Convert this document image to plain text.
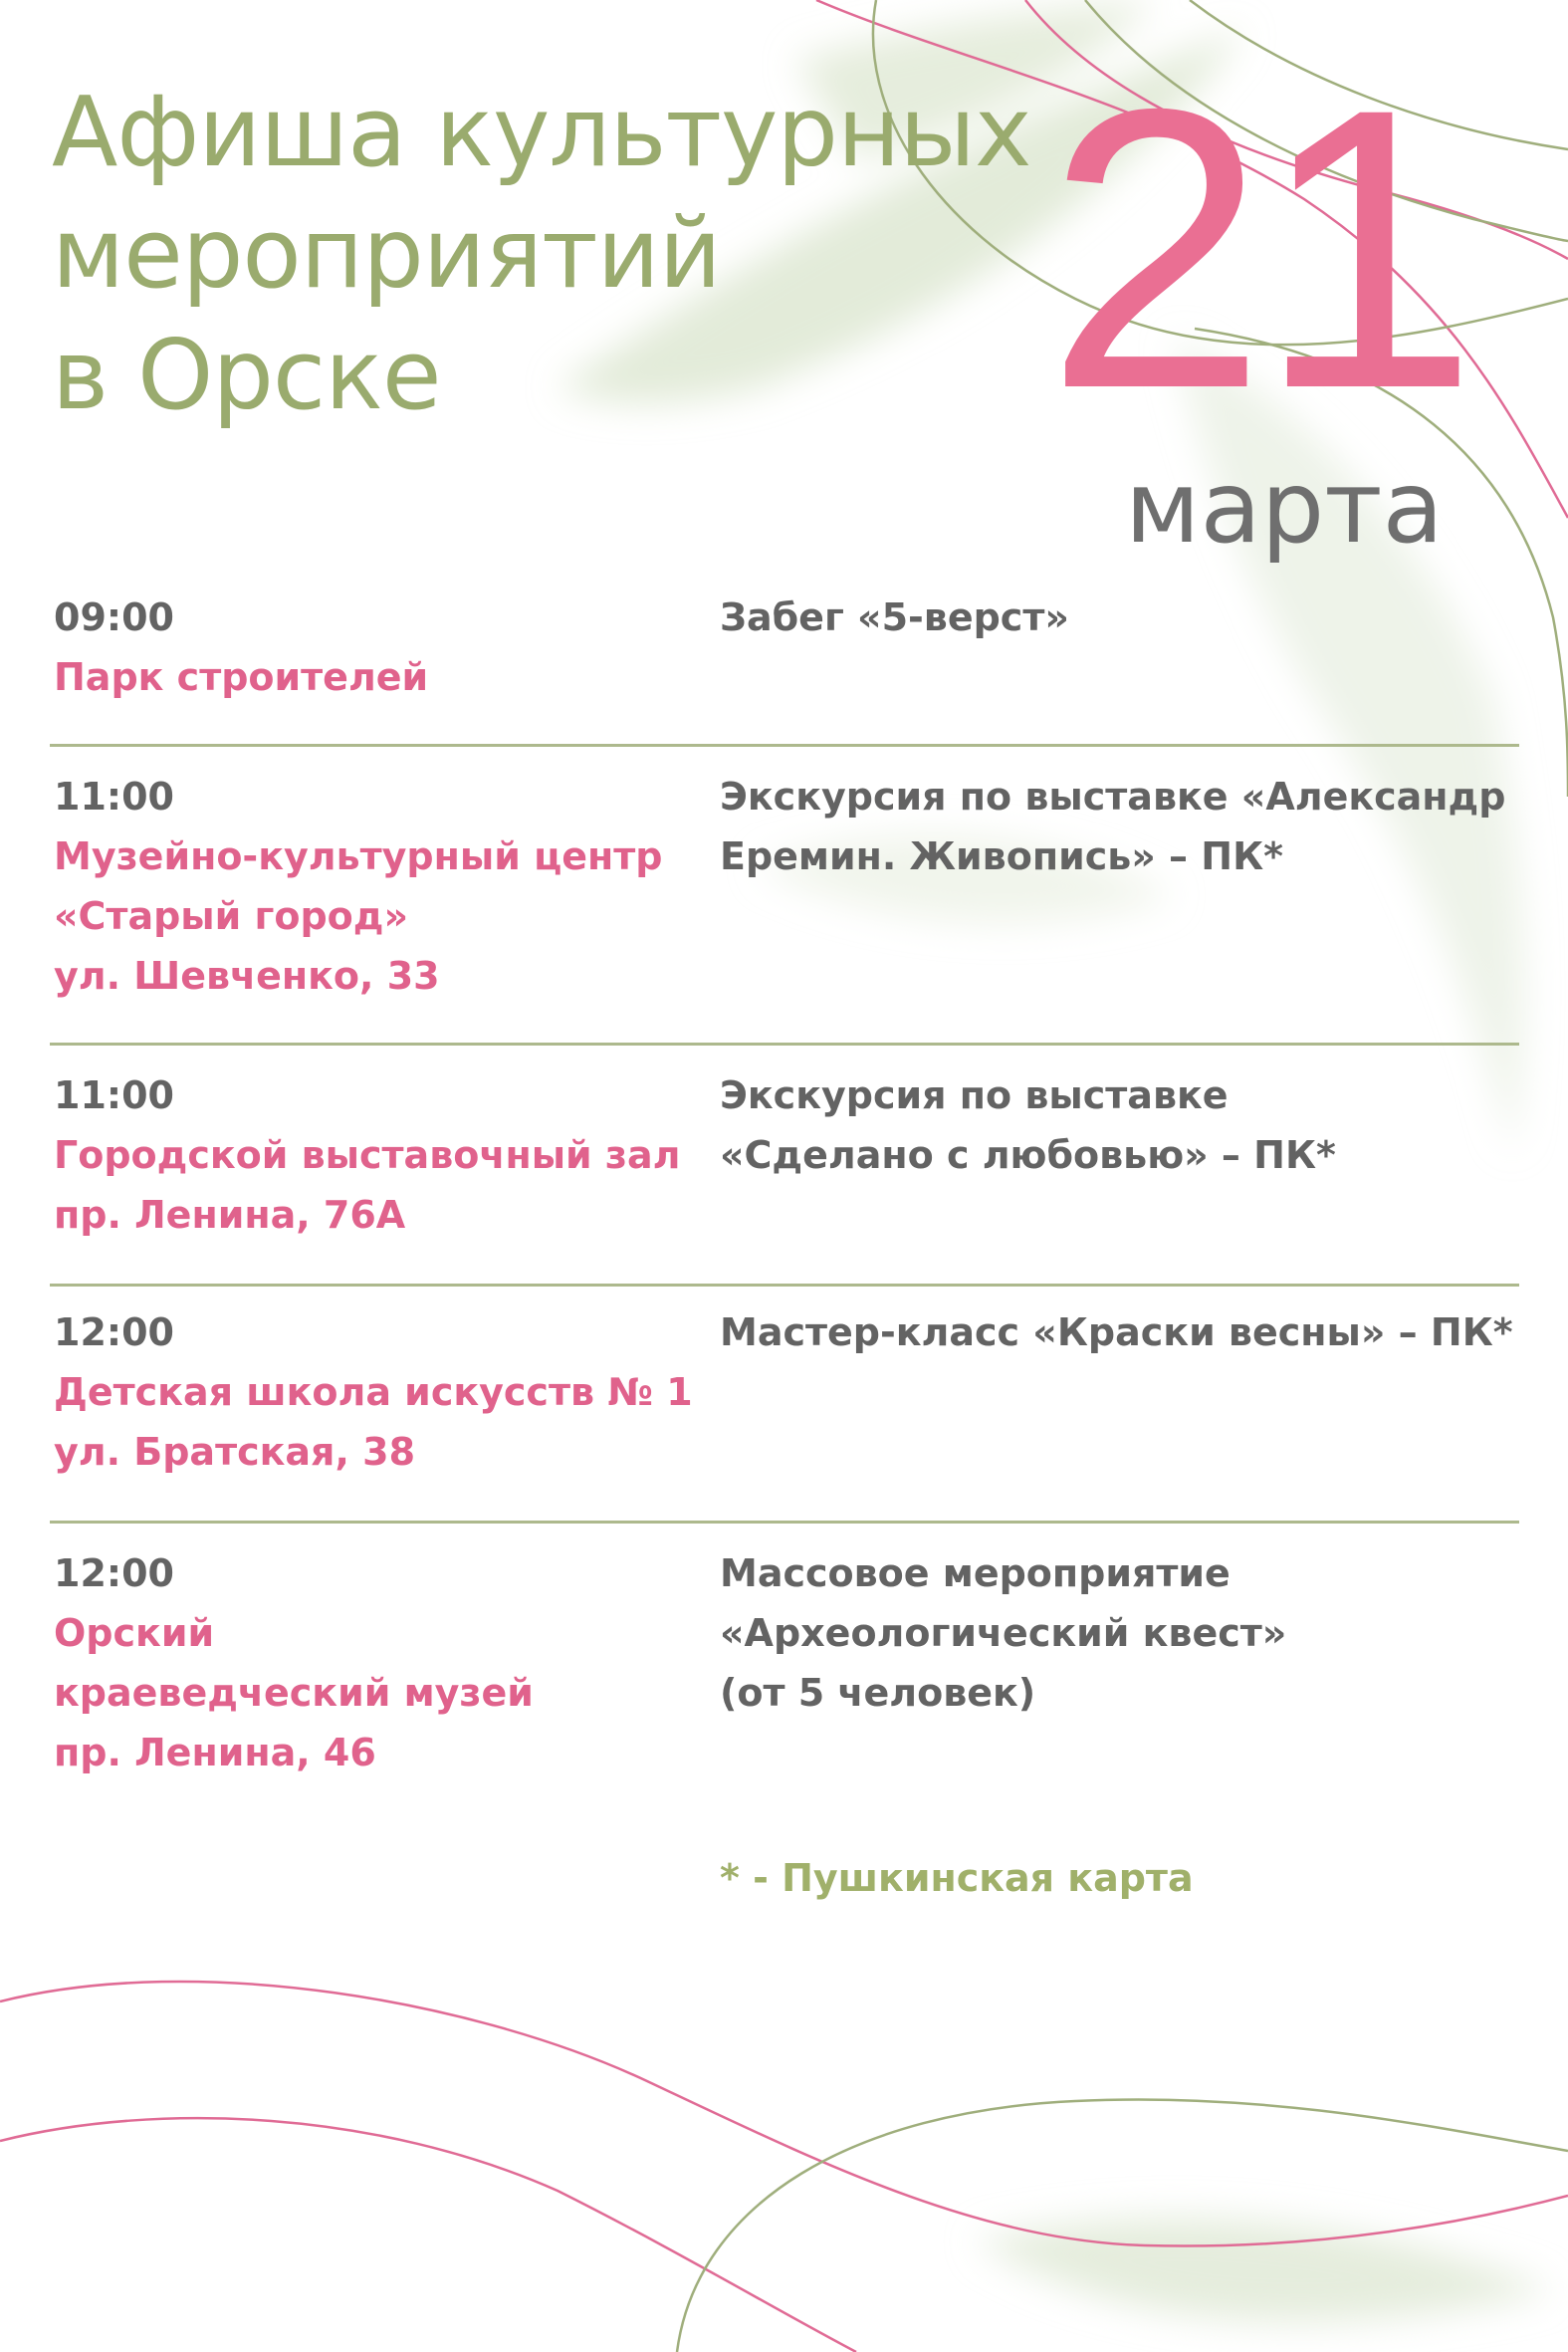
Афиша культурных
мероприятий
в Орске	21
марта
09:00
Парк строителей
Забег «5-верст»
11:00
Музейно-культурный центр
«Старый город»
ул. Шевченко, 33
Экскурсия по выставке «Александр
Еремин. Живопись» – ПК*
11:00
Городской выставочный зал
пр. Ленина, 76А
Экскурсия по выставке
«Сделано с любовью» – ПК*
12:00
Детская школа искусств № 1
ул. Братская, 38
Мастер-класс «Краски весны» – ПК*
12:00
Орский
краеведческий музей
пр. Ленина, 46
Массовое мероприятие
«Археологический квест»
(от 5 человек)
* - Пушкинская карта
